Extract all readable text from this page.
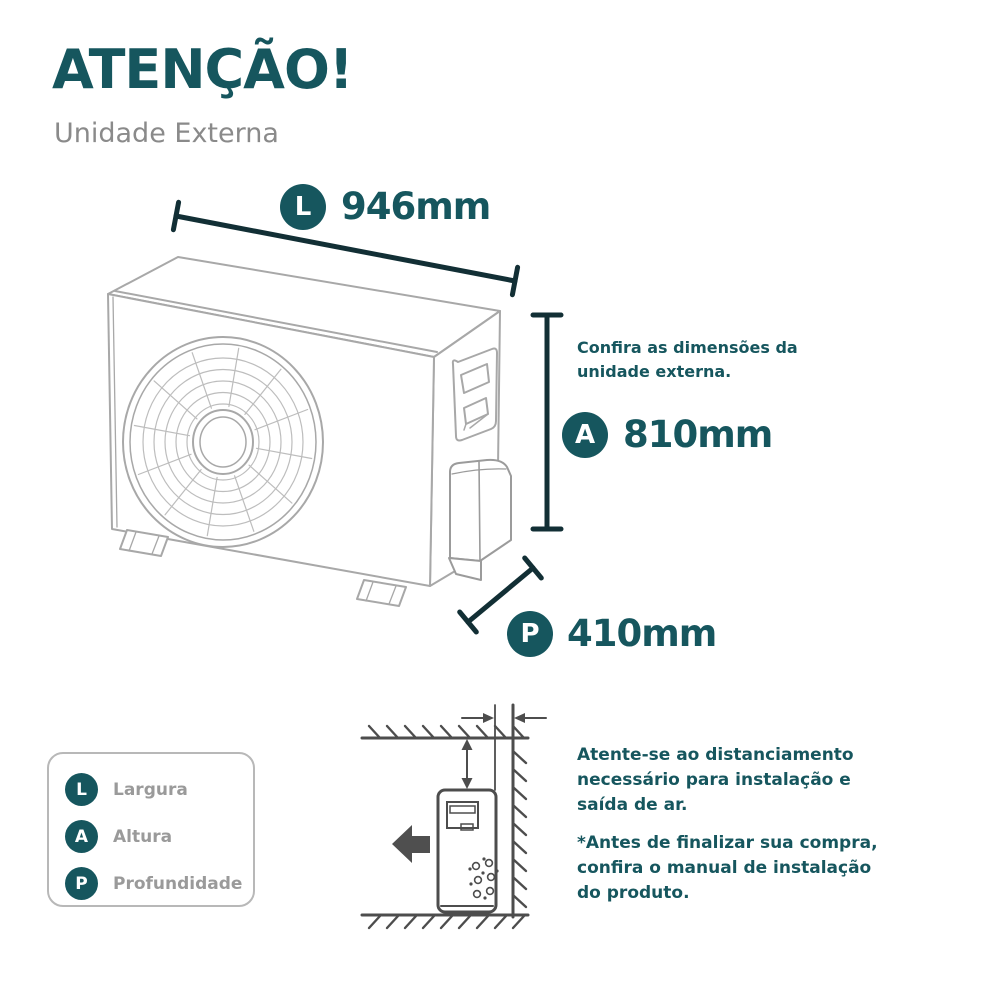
ATENÇÃO!
Unidade Externa
L 946mm
A 810mm
P 410mm
Confira as dimensões da unidade externa.
Atente-se ao distanciamento necessário para instalação e saída de ar.
*Antes de finalizar sua compra, confira o manual de instalação do produto.
L	Largura
A	Altura
P	Profundidade
